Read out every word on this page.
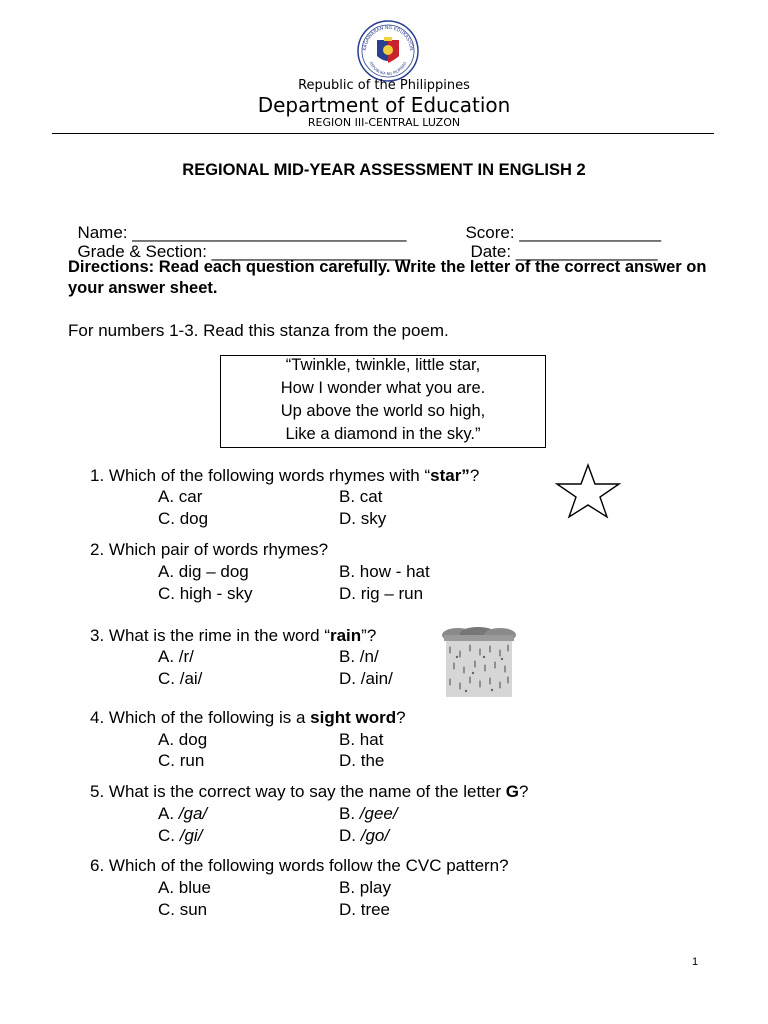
KAGAWARAN NG EDUKASYON
REPUBLIKA NG PILIPINAS
Republic of the Philippines
Department of Education
REGION III-CENTRAL LUZON
REGIONAL MID-YEAR ASSESSMENT IN ENGLISH 2

Name: _____________________________	Score: _______________

Grade & Section: _____________________	Date: _______________

Directions: Read each question carefully. Write the letter of the correct answer on your answer sheet.
For numbers 1-3. Read this stanza from the poem.
“Twinkle, twinkle, little star,
How I wonder what you are.
Up above the world so high,
Like a diamond in the sky.”
1. Which of the following words rhymes with “star”?
A. car	B. cat
C. dog	D. sky
2. Which pair of words rhymes?
A. dig – dog	B. how - hat
C. high - sky	D. rig – run
3. What is the rime in the word “rain”?
A. /r/	B. /n/
C. /ai/	D. /ain/
4. Which of the following is a sight word?
A. dog	B. hat
C. run	D. the
5. What is the correct way to say the name of the letter G?
A. /ga/	B. /gee/
C. /gi/	D. /go/
6. Which of the following words follow the CVC pattern?
A. blue	B. play
C. sun	D. tree
1
